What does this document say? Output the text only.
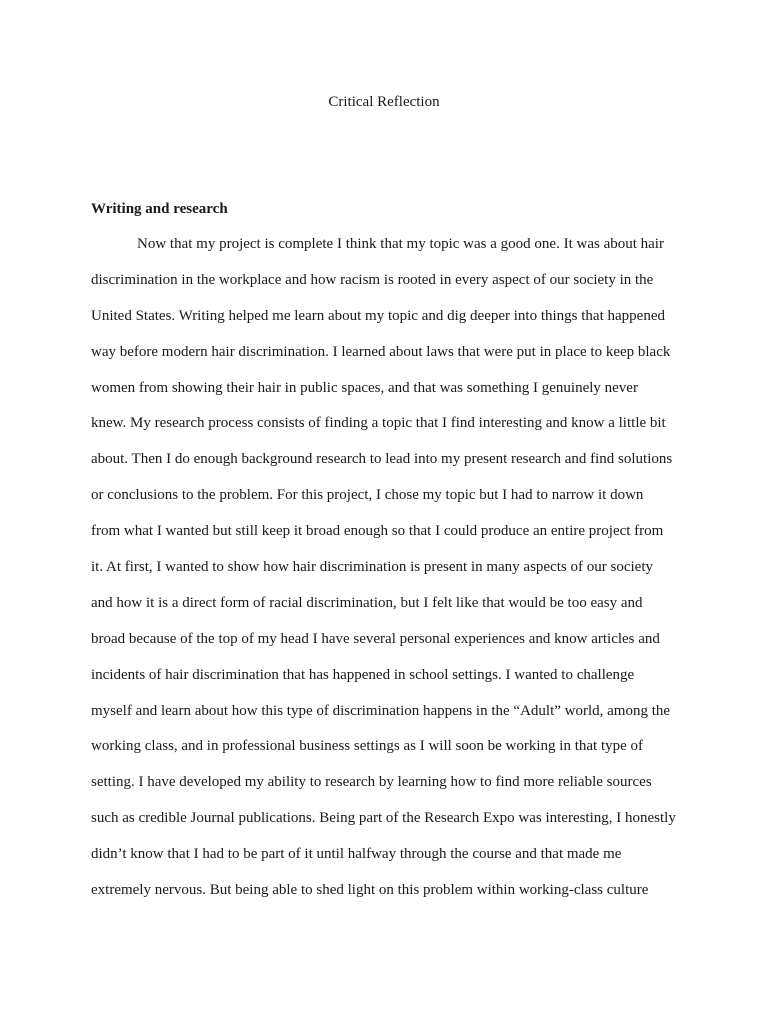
Critical Reflection
Writing and research
Now that my project is complete I think that my topic was a good one. It was about hair
discrimination in the workplace and how racism is rooted in every aspect of our society in the
United States. Writing helped me learn about my topic and dig deeper into things that happened
way before modern hair discrimination. I learned about laws that were put in place to keep black
women from showing their hair in public spaces, and that was something I genuinely never
knew. My research process consists of finding a topic that I find interesting and know a little bit
about. Then I do enough background research to lead into my present research and find solutions
or conclusions to the problem. For this project, I chose my topic but I had to narrow it down
from what I wanted but still keep it broad enough so that I could produce an entire project from
it. At first, I wanted to show how hair discrimination is present in many aspects of our society
and how it is a direct form of racial discrimination, but I felt like that would be too easy and
broad because of the top of my head I have several personal experiences and know articles and
incidents of hair discrimination that has happened in school settings. I wanted to challenge
myself and learn about how this type of discrimination happens in the “Adult” world, among the
working class, and in professional business settings as I will soon be working in that type of
setting. I have developed my ability to research by learning how to find more reliable sources
such as credible Journal publications. Being part of the Research Expo was interesting, I honestly
didn’t know that I had to be part of it until halfway through the course and that made me
extremely nervous. But being able to shed light on this problem within working-class culture
